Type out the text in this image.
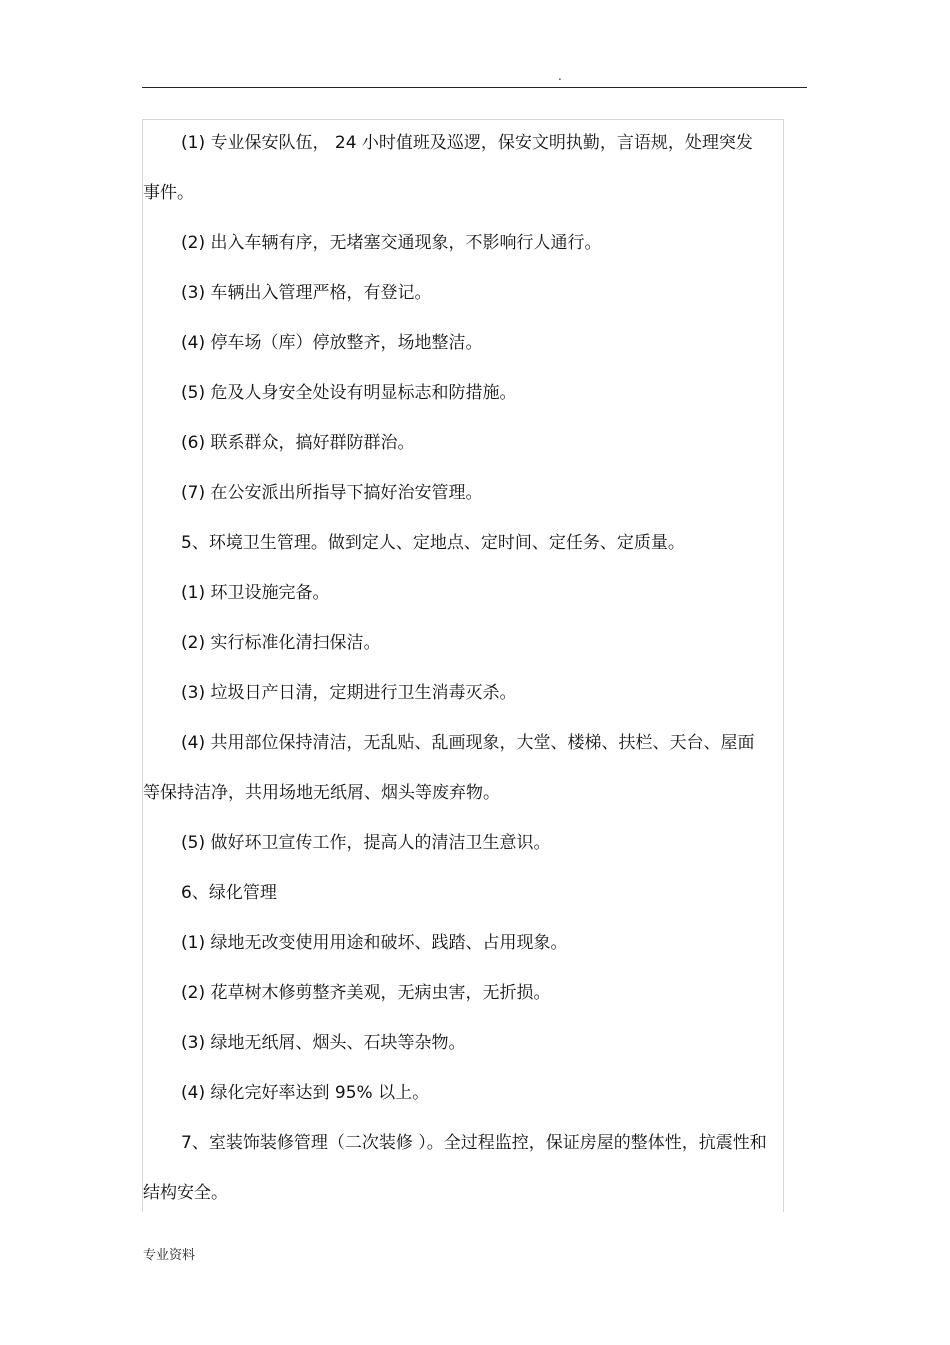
.

(1) 专业保安队伍， 24 小时值班及巡逻，保安文明执勤，言语规，处理突发事件。

(2) 出入车辆有序，无堵塞交通现象，不影响行人通行。

(3) 车辆出入管理严格，有登记。

(4) 停车场（库）停放整齐，场地整洁。

(5) 危及人身安全处设有明显标志和防措施。

(6) 联系群众，搞好群防群治。

(7) 在公安派出所指导下搞好治安管理。

5、环境卫生管理。做到定人、定地点、定时间、定任务、定质量。

(1) 环卫设施完备。

(2) 实行标准化清扫保洁。

(3) 垃圾日产日清，定期进行卫生消毒灭杀。

(4) 共用部位保持清洁，无乱贴、乱画现象，大堂、楼梯、扶栏、天台、屋面等保持洁净，共用场地无纸屑、烟头等废弃物。

(5) 做好环卫宣传工作，提高人的清洁卫生意识。

6、绿化管理

(1) 绿地无改变使用用途和破坏、践踏、占用现象。

(2) 花草树木修剪整齐美观，无病虫害，无折损。

(3) 绿地无纸屑、烟头、石块等杂物。

(4) 绿化完好率达到 95% 以上。

7、室装饰装修管理（二次装修 ）。全过程监控，保证房屋的整体性，抗震性和结构安全。

专业资料
